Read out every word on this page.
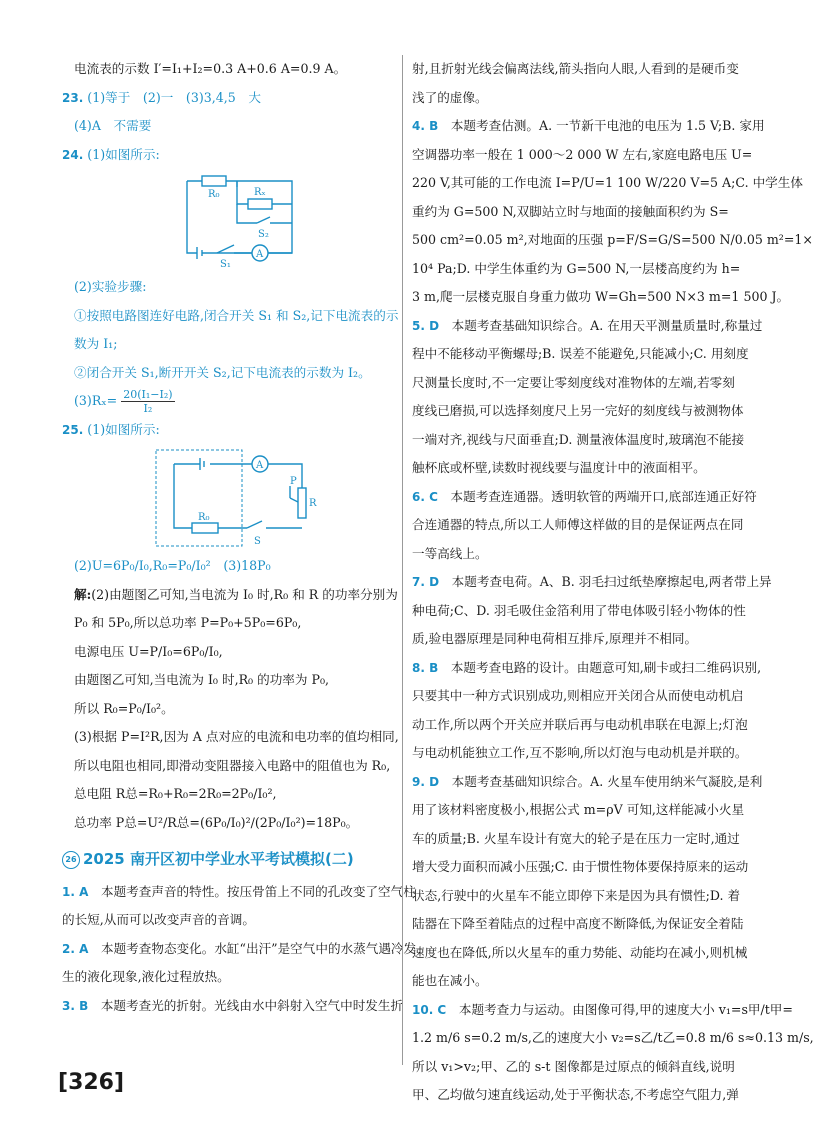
电流表的示数 I′=I₁+I₂=0.3 A+0.6 A=0.9 A。
23. (1)等于　(2)一　(3)3,4,5　大
(4)A　不需要
24. (1)如图所示:
R₀	Rₓ
S₂
S₁
A
(2)实验步骤:
①按照电路图连好电路,闭合开关 S₁ 和 S₂,记下电流表的示
数为 I₁;
②闭合开关 S₁,断开开关 S₂,记下电流表的示数为 I₂。
$(3)R_x= \frac{\text{20(I₁−I₂)}}{\text{I₂}}$
25. (1)如图所示:
A
P
R
R₀
S
(2)U=6P₀/I₀,R₀=P₀/I₀²　(3)18P₀
解:(2)由题图乙可知,当电流为 I₀ 时,R₀ 和 R 的功率分别为
P₀ 和 5P₀,所以总功率 P=P₀+5P₀=6P₀,
电源电压 U=P/I₀=6P₀/I₀,
由题图乙可知,当电流为 I₀ 时,R₀ 的功率为 P₀,
所以 R₀=P₀/I₀²。
(3)根据 P=I²R,因为 A 点对应的电流和电功率的值均相同,
所以电阻也相同,即滑动变阻器接入电路中的阻值也为 R₀,
总电阻 R总=R₀+R₀=2R₀=2P₀/I₀²,
总功率 P总=U²/R总=(6P₀/I₀)²/(2P₀/I₀²)=18P₀。
26 2025 南开区初中学业水平考试模拟(二)
1. A　 本题考查声音的特性。按压骨笛上不同的孔改变了空气柱
的长短,从而可以改变声音的音调。
2. A　 本题考查物态变化。水缸“出汗”是空气中的水蒸气遇冷发
生的液化现象,液化过程放热。
3. B　 本题考查光的折射。光线由水中斜射入空气中时发生折
射,且折射光线会偏离法线,箭头指向人眼,人看到的是硬币变
浅了的虚像。
4. B　 本题考查估测。A. 一节新干电池的电压为 1.5 V;B. 家用
空调器功率一般在 1 000～2 000 W 左右,家庭电路电压 U=
220 V,其可能的工作电流 I=P/U=1 100 W/220 V=5 A;C. 中学生体
重约为 G=500 N,双脚站立时与地面的接触面积约为 S=
500 cm²=0.05 m²,对地面的压强 p=F/S=G/S=500 N/0.05 m²=1×
10⁴ Pa;D. 中学生体重约为 G=500 N,一层楼高度约为 h=
3 m,爬一层楼克服自身重力做功 W=Gh=500 N×3 m=1 500 J。
5. D　 本题考查基础知识综合。A. 在用天平测量质量时,称量过
程中不能移动平衡螺母;B. 误差不能避免,只能减小;C. 用刻度
尺测量长度时,不一定要让零刻度线对准物体的左端,若零刻
度线已磨损,可以选择刻度尺上另一完好的刻度线与被测物体
一端对齐,视线与尺面垂直;D. 测量液体温度时,玻璃泡不能接
触杯底或杯壁,读数时视线要与温度计中的液面相平。
6. C　 本题考查连通器。透明软管的两端开口,底部连通正好符
合连通器的特点,所以工人师傅这样做的目的是保证两点在同
一等高线上。
7. D　 本题考查电荷。A、B. 羽毛扫过纸垫摩擦起电,两者带上异
种电荷;C、D. 羽毛吸住金箔利用了带电体吸引轻小物体的性
质,验电器原理是同种电荷相互排斥,原理并不相同。
8. B　 本题考查电路的设计。由题意可知,刷卡或扫二维码识别,
只要其中一种方式识别成功,则相应开关闭合从而使电动机启
动工作,所以两个开关应并联后再与电动机串联在电源上;灯泡
与电动机能独立工作,互不影响,所以灯泡与电动机是并联的。
9. D　 本题考查基础知识综合。A. 火星车使用纳米气凝胶,是利
用了该材料密度极小,根据公式 m=ρV 可知,这样能减小火星
车的质量;B. 火星车设计有宽大的轮子是在压力一定时,通过
增大受力面积而减小压强;C. 由于惯性物体要保持原来的运动
状态,行驶中的火星车不能立即停下来是因为具有惯性;D. 着
陆器在下降至着陆点的过程中高度不断降低,为保证安全着陆
速度也在降低,所以火星车的重力势能、动能均在减小,则机械
能也在减小。
10. C　 本题考查力与运动。由图像可得,甲的速度大小 v₁=s甲/t甲=
1.2 m/6 s=0.2 m/s,乙的速度大小 v₂=s乙/t乙=0.8 m/6 s≈0.13 m/s,
所以 v₁>v₂;甲、乙的 s-t 图像都是过原点的倾斜直线,说明
甲、乙均做匀速直线运动,处于平衡状态,不考虑空气阻力,弹
[326]
